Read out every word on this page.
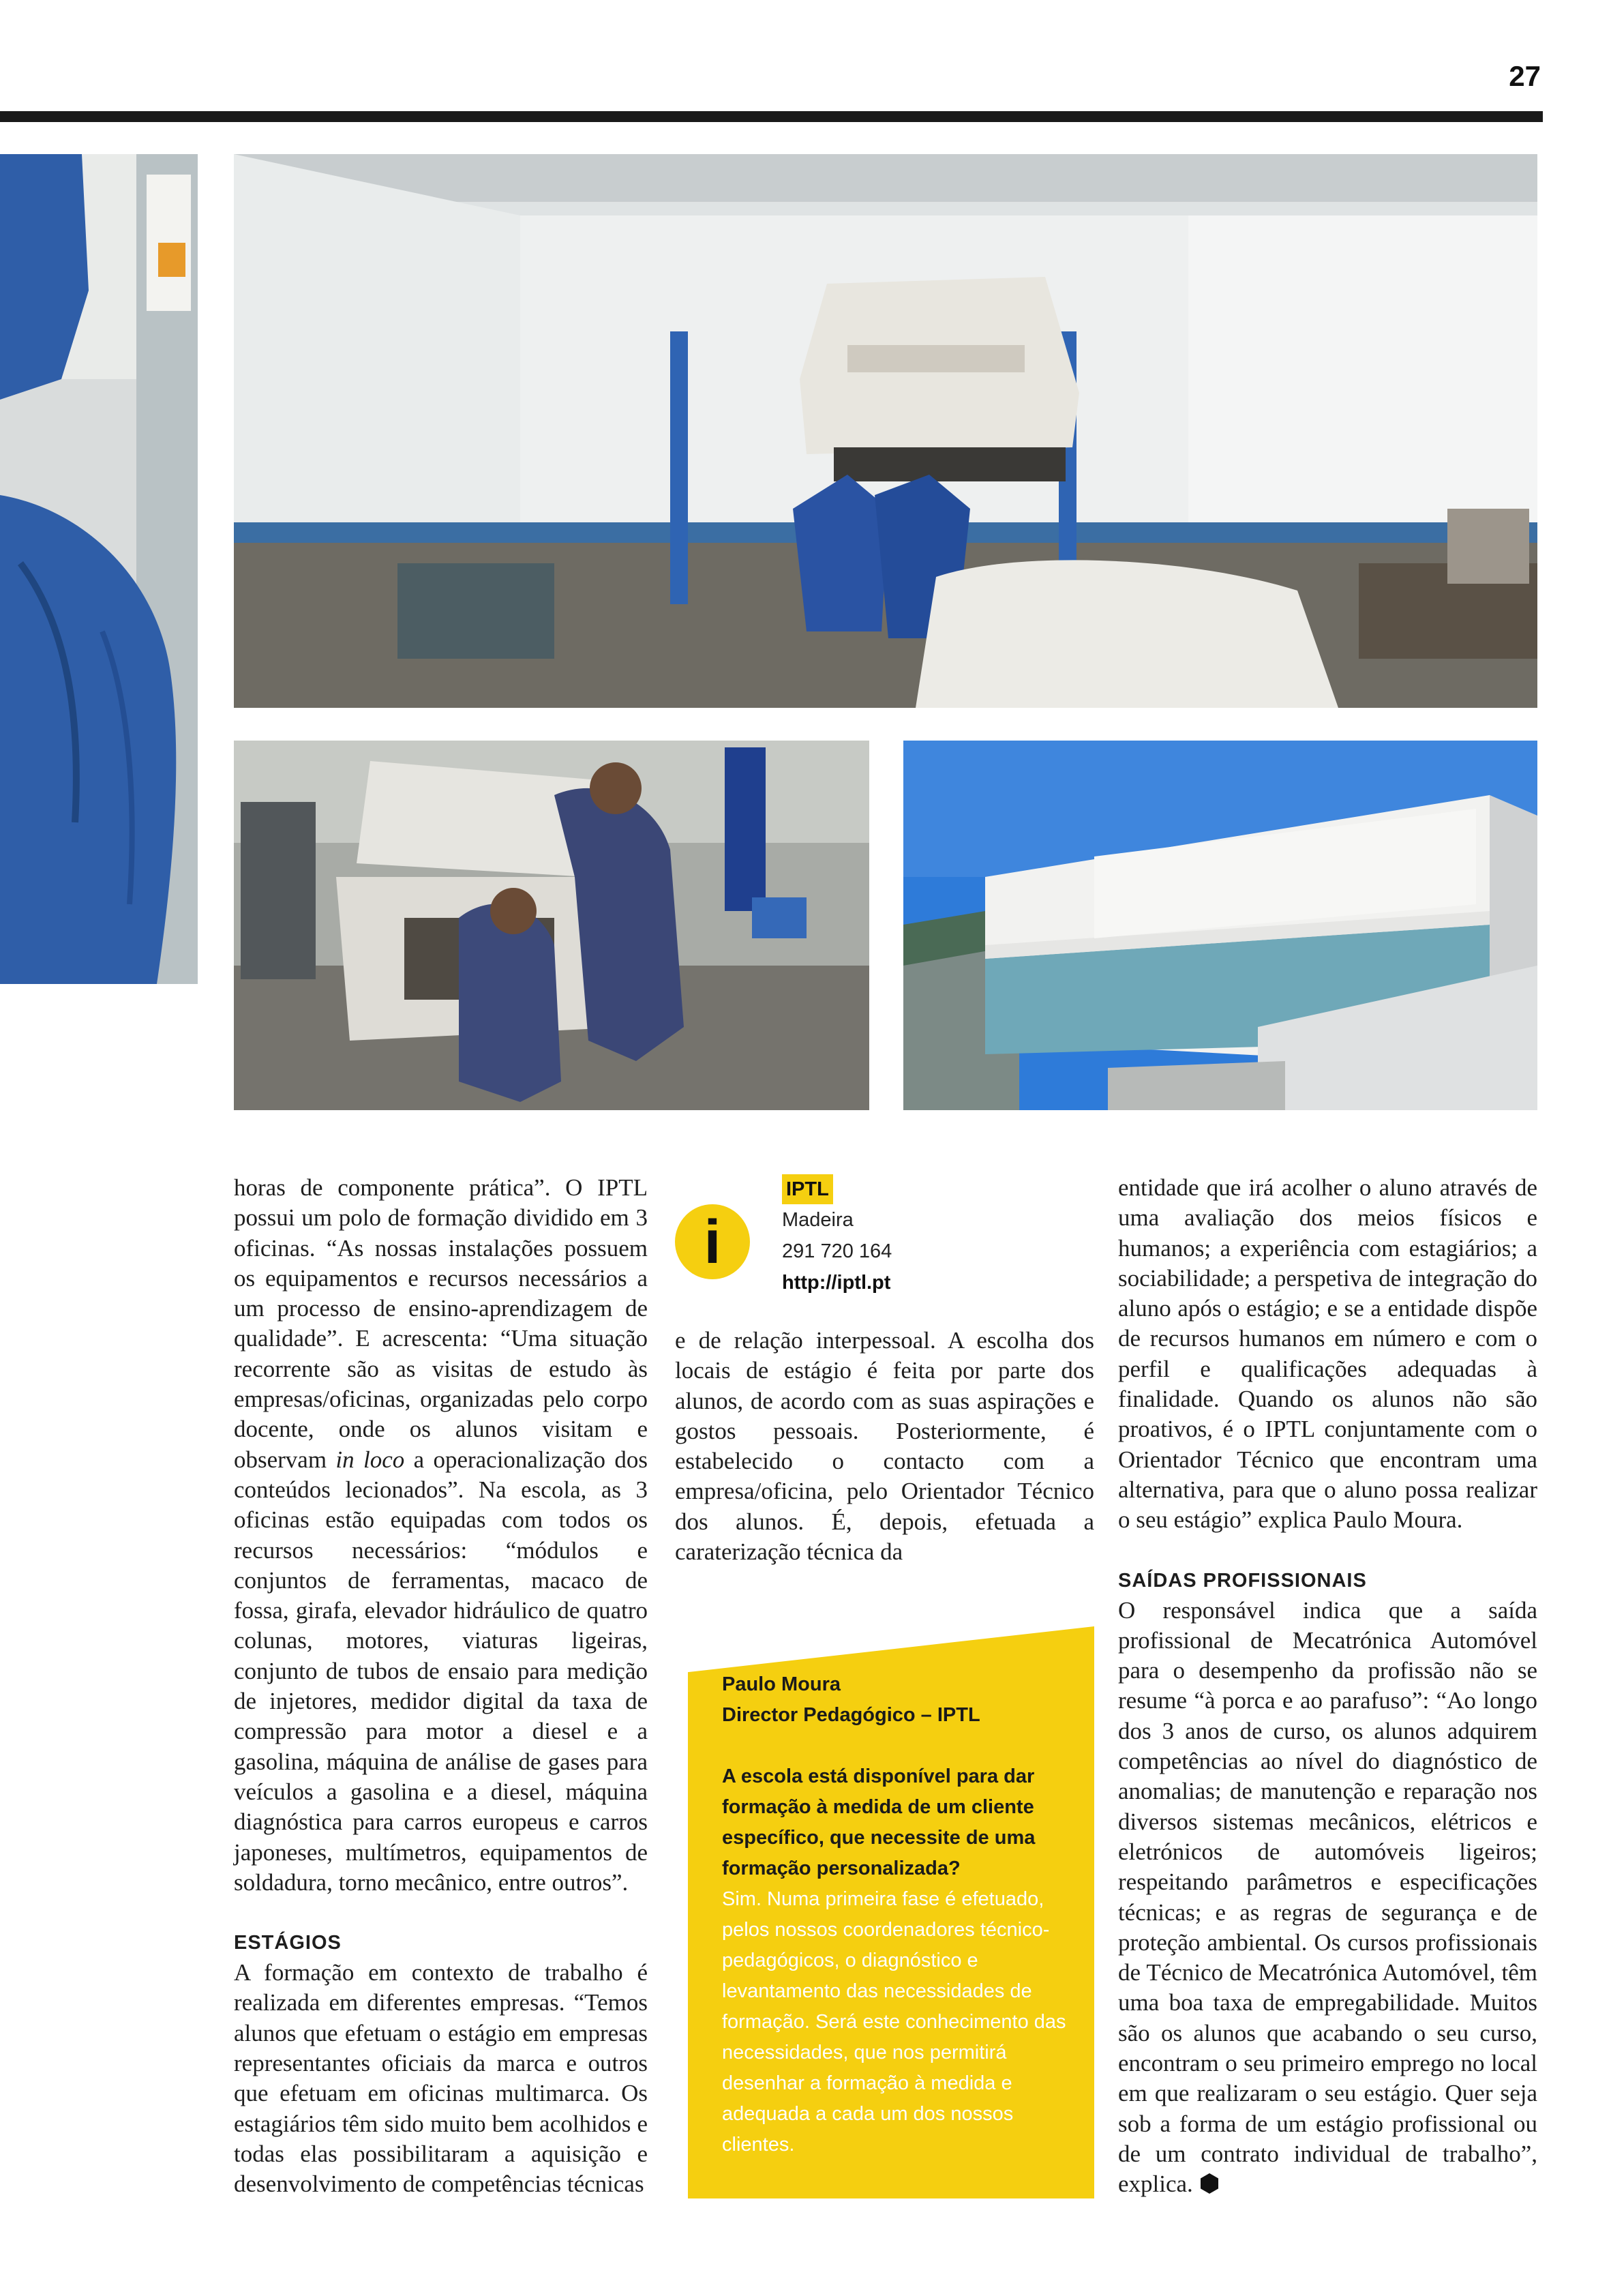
27

horas de componente prática”. O IPTL possui um polo de formação dividido em 3 oficinas. “As nossas instalações possuem os equipamentos e recursos necessários a um processo de ensino-aprendizagem de qualidade”. E acrescenta: “Uma situação recorrente são as visitas de estudo às empresas/oficinas, organizadas pelo corpo docente, onde os alunos visitam e observam in loco a operacionalização dos conteúdos lecionados”. Na escola, as 3 oficinas estão equipadas com todos os recursos necessários: “módulos e conjuntos de ferramentas, macaco de fossa, girafa, elevador hidráulico de quatro colunas, motores, viaturas ligeiras, conjunto de tubos de ensaio para medição de injetores, medidor digital da taxa de compressão para motor a diesel e a gasolina, máquina de análise de gases para veículos a gasolina e a diesel, máquina diagnóstica para carros europeus e carros japoneses, multímetros, equipamentos de soldadura, torno mecânico, entre outros”.

ESTÁGIOS

A formação em contexto de trabalho é realizada em diferentes empresas. “Temos alunos que efetuam o estágio em empresas representantes oficiais da marca e outros que efetuam em oficinas multimarca. Os estagiários têm sido muito bem acolhidos e todas elas possibilitaram a aquisição e desenvolvimento de competências técnicas

i
IPTL
Madeira
291 720 164
http://iptl.pt

e de relação interpessoal. A escolha dos locais de estágio é feita por parte dos alunos, de acordo com as suas aspirações e gostos pessoais. Posteriormente, é estabelecido o contacto com a empresa/oficina, pelo Orientador Técnico dos alunos. É, depois, efetuada a caraterização técnica da

Paulo Moura
Director Pedagógico – IPTL
A escola está disponível para dar formação à medida de um cliente específico, que necessite de uma formação personalizada?
Sim. Numa primeira fase é efetuado, pelos nossos coordenadores técnico-pedagógicos, o diagnóstico e levantamento das necessidades de formação. Será este conhecimento das necessidades, que nos permitirá desenhar a formação à medida e adequada a cada um dos nossos clientes.

entidade que irá acolher o aluno através de uma avaliação dos meios físicos e humanos; a experiência com estagiários; a sociabilidade; a perspetiva de integração do aluno após o estágio; e se a entidade dispõe de recursos humanos em número e com o perfil e qualificações adequadas à finalidade. Quando os alunos não são proativos, é o IPTL conjuntamente com o Orientador Técnico que encontram uma alternativa, para que o aluno possa realizar o seu estágio” explica Paulo Moura.

SAÍDAS PROFISSIONAIS

O responsável indica que a saída profissional de Mecatrónica Automóvel para o desempenho da profissão não se resume “à porca e ao parafuso”: “Ao longo dos 3 anos de curso, os alunos adquirem competências ao nível do diagnóstico de anomalias; de manutenção e reparação nos diversos sistemas mecânicos, elétricos e eletrónicos de automóveis ligeiros; respeitando parâmetros e especificações técnicas; e as regras de segurança e de proteção ambiental. Os cursos profissionais de Técnico de Mecatrónica Automóvel, têm uma boa taxa de empregabilidade. Muitos são os alunos que acabando o seu curso, encontram o seu primeiro emprego no local em que realizaram o seu estágio. Quer seja sob a forma de um estágio profissional ou de um contrato individual de trabalho”, explica.
